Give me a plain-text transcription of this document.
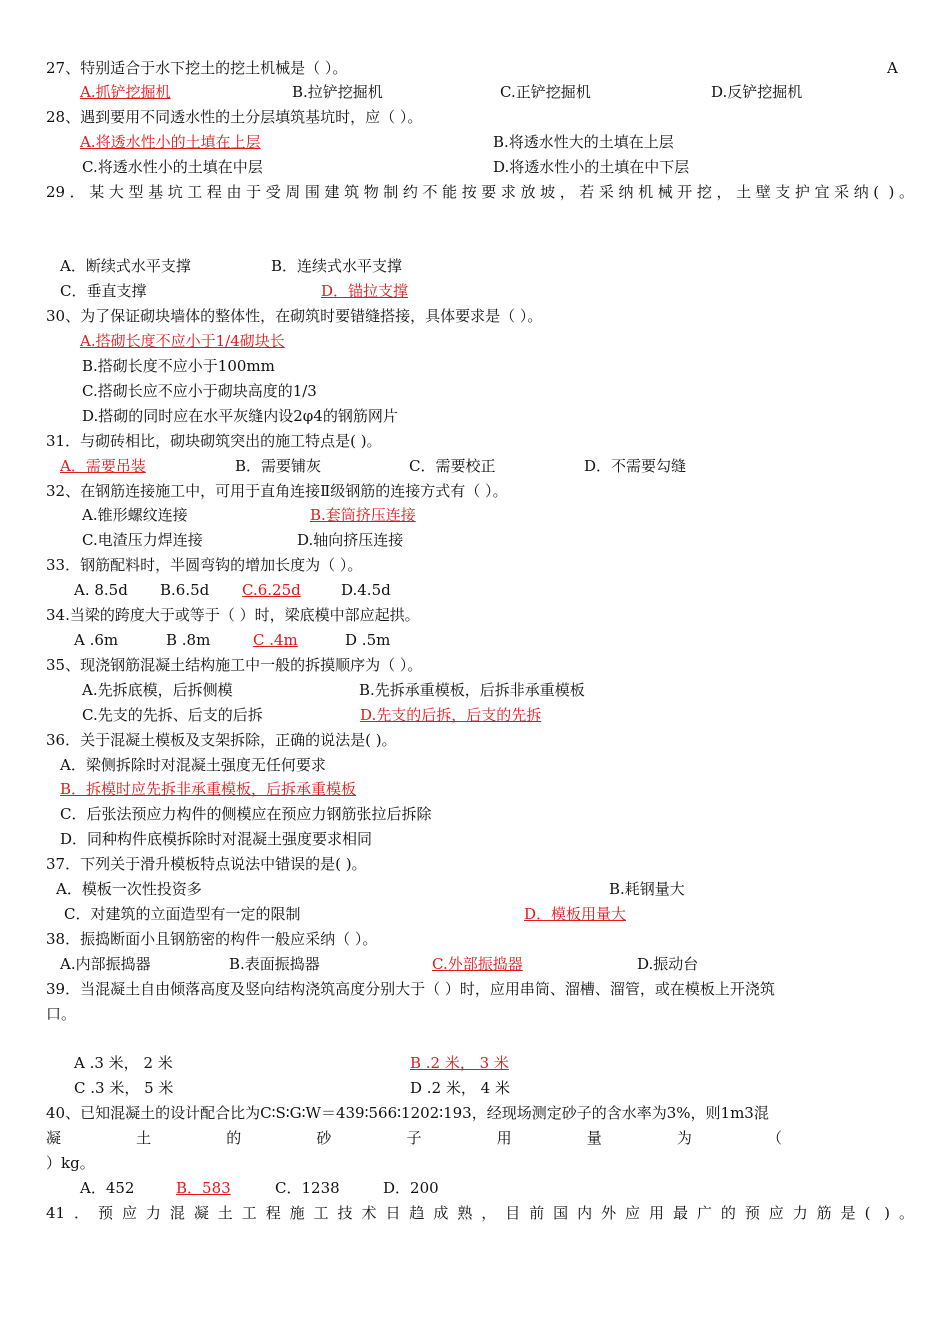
27、特别适合于水下挖土的挖土机械是（ ）。	A
A.抓铲挖掘机	B.拉铲挖掘机	C.正铲挖掘机	D.反铲挖掘机
28、遇到要用不同透水性的土分层填筑基坑时，应（ ）。
A.将透水性小的土填在上层	B.将透水性大的土填在上层
C.将透水性小的土填在中层	D.将透水性小的土填在中下层
29．某大型基坑工程由于受周围建筑物制约不能按要求放坡，若采纳机械开挖，土壁支护宜采纳( )。
A．断续式水平支撑	B．连续式水平支撑
C．垂直支撑	D．锚拉支撑
30、为了保证砌块墙体的整体性，在砌筑时要错缝搭接，具体要求是（ ）。
A.搭砌长度不应小于1/4砌块长
B.搭砌长度不应小于100mm
C.搭砌长应不应小于砌块高度的1/3
D.搭砌的同时应在水平灰缝内设2φ4的钢筋网片
31．与砌砖相比，砌块砌筑突出的施工特点是( )。
A．需要吊装	B．需要铺灰	C．需要校正	D．不需要勾缝
32、在钢筋连接施工中，可用于直角连接Ⅱ级钢筋的连接方式有（ ）。
A.锥形螺纹连接	B.套筒挤压连接
C.电渣压力焊连接	D.轴向挤压连接
33．钢筋配料时，半圆弯钩的增加长度为（ ）。
A. 8.5d B.6.5d C.6.25d	D.4.5d
34.当梁的跨度大于或等于（ ）时，梁底模中部应起拱。
A .6m	B .8m	C .4m	D .5m
35、现浇钢筋混凝土结构施工中一般的拆摸顺序为（ ）。
A.先拆底模，后拆侧模	B.先拆承重模板，后拆非承重模板
C.先支的先拆、后支的后拆	D.先支的后拆，后支的先拆
36．关于混凝土模板及支架拆除，正确的说法是( )。
A．梁侧拆除时对混凝土强度无任何要求
B．拆模时应先拆非承重模板，后拆承重模板
C．后张法预应力构件的侧模应在预应力钢筋张拉后拆除
D．同种构件底模拆除时对混凝土强度要求相同
37．下列关于滑升模板特点说法中错误的是( )。
A．模板一次性投资多	B.耗钢量大
C．对建筑的立面造型有一定的限制	D．模板用量大
38．振捣断面小且钢筋密的构件一般应采纳（ ）。
A.内部振捣器	B.表面振捣器	C.外部振捣器	D.振动台
39．当混凝土自由倾落高度及竖向结构浇筑高度分别大于（ ）时，应用串筒、溜槽、溜管，或在模板上开浇筑
口。
A .3 米， 2 米	B .2 米， 3 米
C .3 米， 5 米	D .2 米， 4 米
40、已知混凝土的设计配合比为C∶S∶G∶W＝439∶566∶1202∶193，经现场测定砂子的含水率为3%，则1m3混
凝 土 的 砂 子 用 量 为 （
）kg。
A．452	B．583	C．1238	D．200
41．预应力混凝土工程施工技术日趋成熟，目前国内外应用最广的预应力筋是( )。
